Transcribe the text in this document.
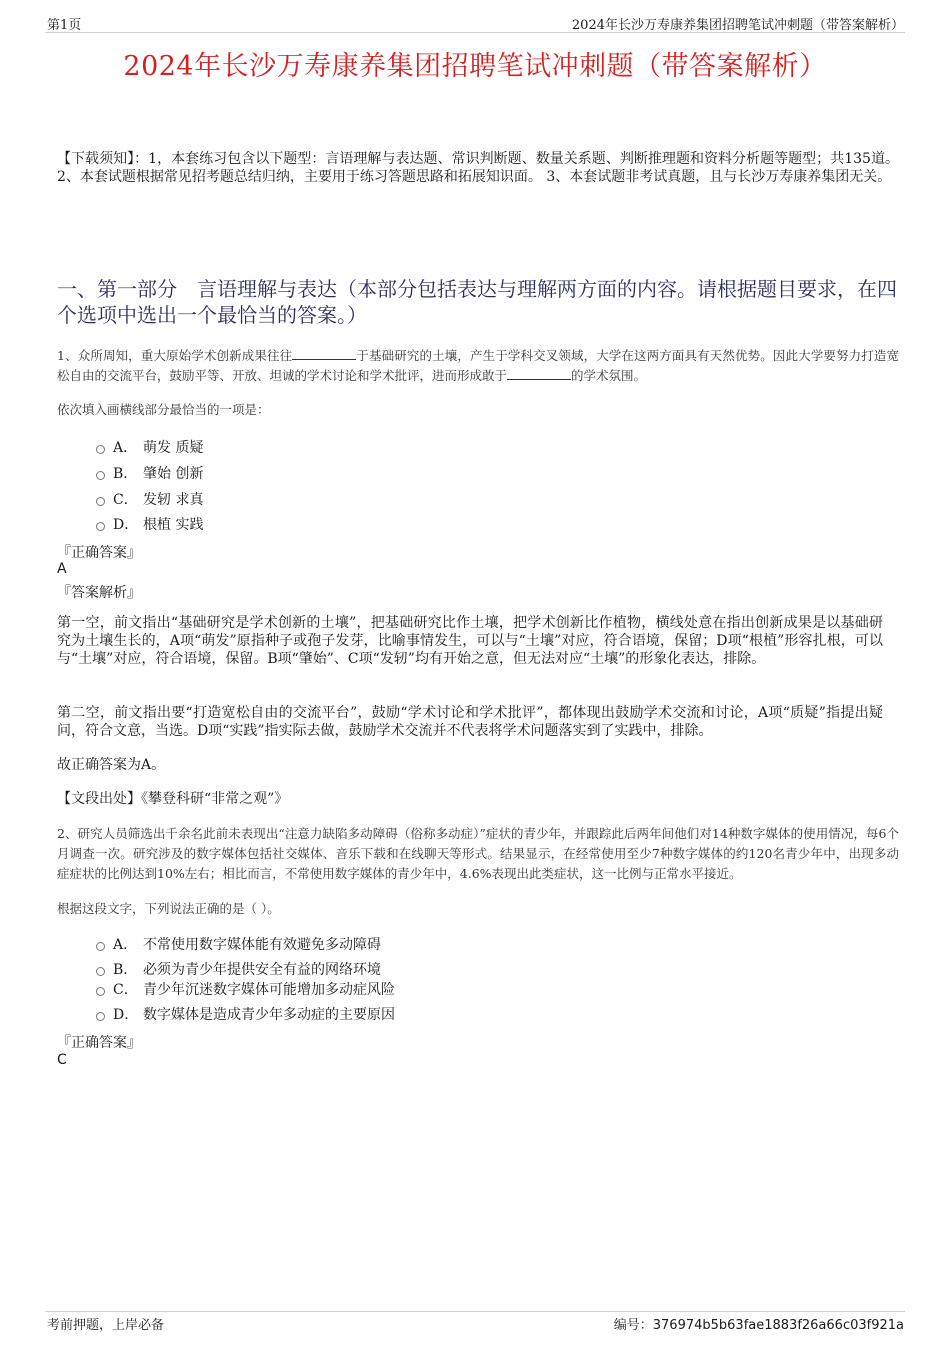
第1页	2024年长沙万寿康养集团招聘笔试冲刺题（带答案解析）
2024年长沙万寿康养集团招聘笔试冲刺题（带答案解析）
【下载须知】：1，本套练习包含以下题型：言语理解与表达题、常识判断题、数量关系题、判断推理题和资料分析题等题型；共135道。 2、本套试题根据常见招考题总结归纳，主要用于练习答题思路和拓展知识面。 3、本套试题非考试真题，且与长沙万寿康养集团无关。
一、第一部分　言语理解与表达（本部分包括表达与理解两方面的内容。请根据题目要求，在四个选项中选出一个最恰当的答案。）
1、众所周知，重大原始学术创新成果往往	于基础研究的土壤，产生于学科交叉领域，大学在这两方面具有天然优势。因此大学要努力打造宽松自由的交流平台，鼓励平等、开放、坦诚的学术讨论和学术批评，进而形成敢于	的学术氛围。
依次填入画横线部分最恰当的一项是：
A． 萌发 质疑
B． 肇始 创新
C． 发轫 求真
D． 根植 实践
『正确答案』
A
『答案解析』
第一空，前文指出“基础研究是学术创新的土壤”，把基础研究比作土壤，把学术创新比作植物，横线处意在指出创新成果是以基础研究为土壤生长的，A项“萌发”原指种子或孢子发芽，比喻事情发生，可以与“土壤”对应，符合语境，保留；D项“根植”形容扎根，可以与“土壤”对应，符合语境，保留。B项“肇始”、C项“发轫”均有开始之意，但无法对应“土壤”的形象化表达，排除。
第二空，前文指出要“打造宽松自由的交流平台”，鼓励“学术讨论和学术批评”，都体现出鼓励学术交流和讨论，A项“质疑”指提出疑问，符合文意，当选。D项“实践”指实际去做，鼓励学术交流并不代表将学术问题落实到了实践中，排除。
故正确答案为A。
【文段出处】《攀登科研“非常之观”》
2、研究人员筛选出千余名此前未表现出“注意力缺陷多动障碍（俗称多动症）”症状的青少年，并跟踪此后两年间他们对14种数字媒体的使用情况，每6个月调查一次。研究涉及的数字媒体包括社交媒体、音乐下载和在线聊天等形式。结果显示，在经常使用至少7种数字媒体的约120名青少年中，出现多动症症状的比例达到10%左右；相比而言，不常使用数字媒体的青少年中，4.6%表现出此类症状，这一比例与正常水平接近。
根据这段文字，下列说法正确的是（ ）。
A． 不常使用数字媒体能有效避免多动障碍
B． 必须为青少年提供安全有益的网络环境
C． 青少年沉迷数字媒体可能增加多动症风险
D． 数字媒体是造成青少年多动症的主要原因
『正确答案』
C
考前押题，上岸必备	编号：376974b5b63fae1883f26a66c03f921a
